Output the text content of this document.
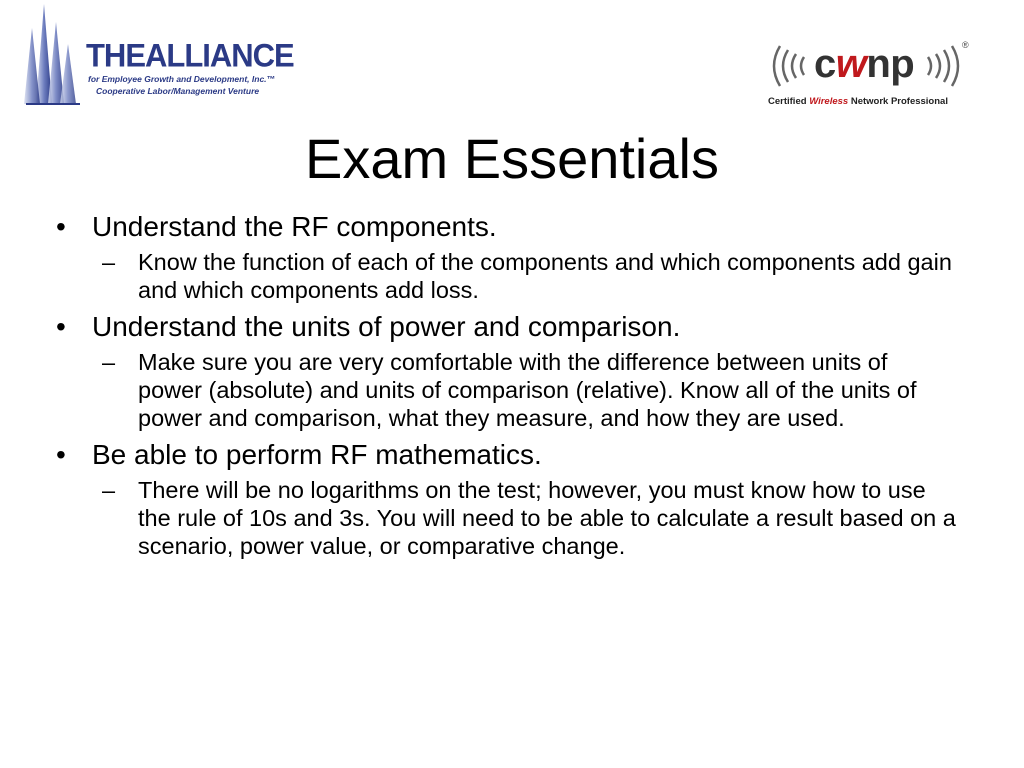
THEALLIANCE
for Employee Growth and Development, Inc.™
Cooperative Labor/Management Venture
cwnp	®
Certified Wireless Network Professional
Exam Essentials
• Understand the RF components.
– Know the function of each of the components and which components add gain and which components add loss.
• Understand the units of power and comparison.
– Make sure you are very comfortable with the difference between units of power (absolute) and units of comparison (relative). Know all of the units of power and comparison, what they measure, and how they are used.
• Be able to perform RF mathematics.
– There will be no logarithms on the test; however, you must know how to use the rule of 10s and 3s. You will need to be able to calculate a result based on a scenario, power value, or comparative change.
